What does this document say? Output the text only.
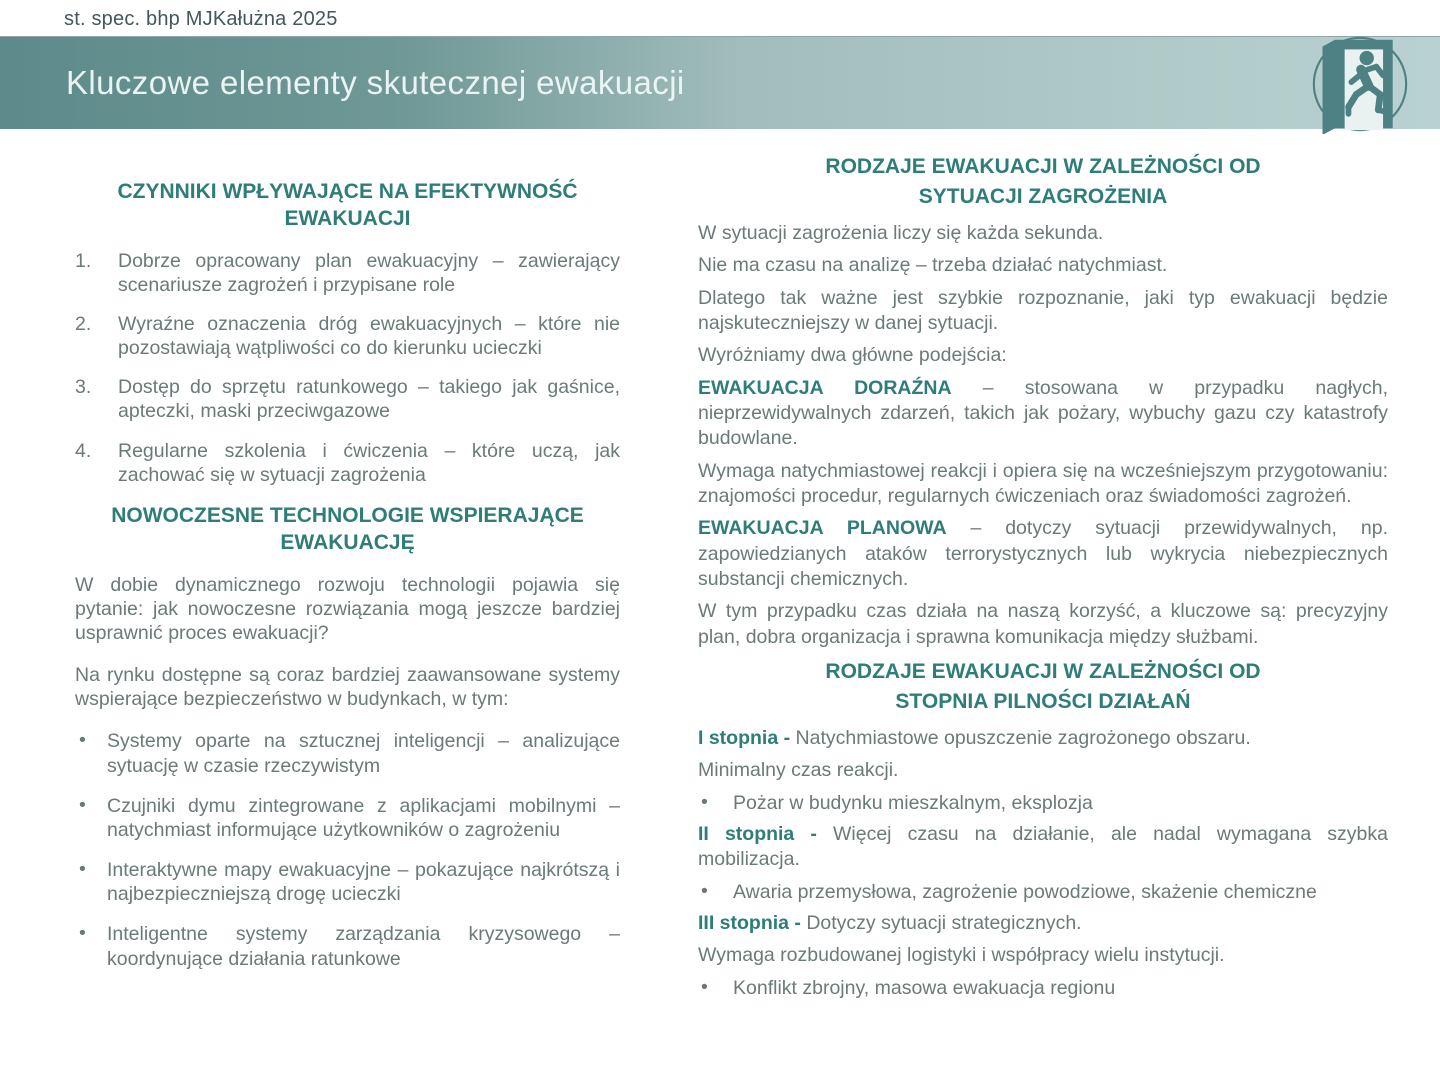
st. spec. bhp MJKałużna 2025
Kluczowe elementy skutecznej ewakuacji
CZYNNIKI WPŁYWAJĄCE NA EFEKTYWNOŚĆ EWAKUACJI
Dobrze opracowany plan ewakuacyjny – zawierający scenariusze zagrożeń i przypisane role
Wyraźne oznaczenia dróg ewakuacyjnych – które nie pozostawiają wątpliwości co do kierunku ucieczki
Dostęp do sprzętu ratunkowego – takiego jak gaśnice, apteczki, maski przeciwgazowe
Regularne szkolenia i ćwiczenia – które uczą, jak zachować się w sytuacji zagrożenia
NOWOCZESNE TECHNOLOGIE WSPIERAJĄCE EWAKUACJĘ

W dobie dynamicznego rozwoju technologii pojawia się pytanie: jak nowoczesne rozwiązania mogą jeszcze bardziej usprawnić proces ewakuacji?

Na rynku dostępne są coraz bardziej zaawansowane systemy wspierające bezpieczeństwo w budynkach, w tym:

• Systemy oparte na sztucznej inteligencji – analizujące sytuację w czasie rzeczywistym
• Czujniki dymu zintegrowane z aplikacjami mobilnymi – natychmiast informujące użytkowników o zagrożeniu
• Interaktywne mapy ewakuacyjne – pokazujące najkrótszą i najbezpieczniejszą drogę ucieczki
• Inteligentne systemy zarządzania kryzysowego – koordynujące działania ratunkowe
RODZAJE EWAKUACJI W ZALEŻNOŚCI OD SYTUACJI ZAGROŻENIA

W sytuacji zagrożenia liczy się każda sekunda.

Nie ma czasu na analizę – trzeba działać natychmiast.

Dlatego tak ważne jest szybkie rozpoznanie, jaki typ ewakuacji będzie najskuteczniejszy w danej sytuacji.

Wyróżniamy dwa główne podejścia:

EWAKUACJA DORAŹNA – stosowana w przypadku nagłych, nieprzewidywalnych zdarzeń, takich jak pożary, wybuchy gazu czy katastrofy budowlane.

Wymaga natychmiastowej reakcji i opiera się na wcześniejszym przygotowaniu: znajomości procedur, regularnych ćwiczeniach oraz świadomości zagrożeń.

EWAKUACJA PLANOWA – dotyczy sytuacji przewidywalnych, np. zapowiedzianych ataków terrorystycznych lub wykrycia niebezpiecznych substancji chemicznych.

W tym przypadku czas działa na naszą korzyść, a kluczowe są: precyzyjny plan, dobra organizacja i sprawna komunikacja między służbami.

RODZAJE EWAKUACJI W ZALEŻNOŚCI OD STOPNIA PILNOŚCI DZIAŁAŃ

I stopnia - Natychmiastowe opuszczenie zagrożonego obszaru.

Minimalny czas reakcji.

• Pożar w budynku mieszkalnym, eksplozja

II stopnia - Więcej czasu na działanie, ale nadal wymagana szybka mobilizacja.

• Awaria przemysłowa, zagrożenie powodziowe, skażenie chemiczne

III stopnia - Dotyczy sytuacji strategicznych.

Wymaga rozbudowanej logistyki i współpracy wielu instytucji.

• Konflikt zbrojny, masowa ewakuacja regionu
